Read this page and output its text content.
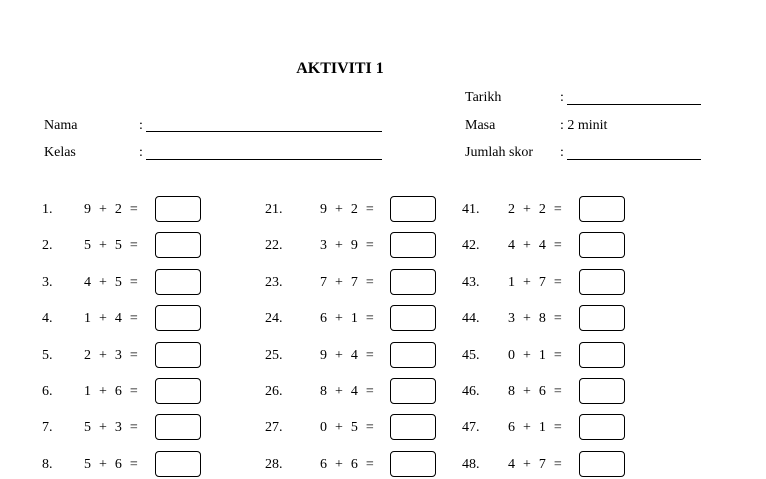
AKTIVITI 1
Nama	:
Kelas	:
Tarikh	:
Masa	: 2 minit
Jumlah skor :
1. 9 + 2 =
2. 5 + 5 =
3. 4 + 5 =
4. 1 + 4 =
5. 2 + 3 =
6. 1 + 6 =
7. 5 + 3 =
8. 5 + 6 =
21.	9 + 2 =
22.	3 + 9 =
23.	7 + 7 =
24.	6 + 1 =
25.	9 + 4 =
26.	8 + 4 =
27.	0 + 5 =
28.	6 + 6 =
41. 2 + 2 =
42. 4 + 4 =
43. 1 + 7 =
44. 3 + 8 =
45. 0 + 1 =
46. 8 + 6 =
47. 6 + 1 =
48. 4 + 7 =
